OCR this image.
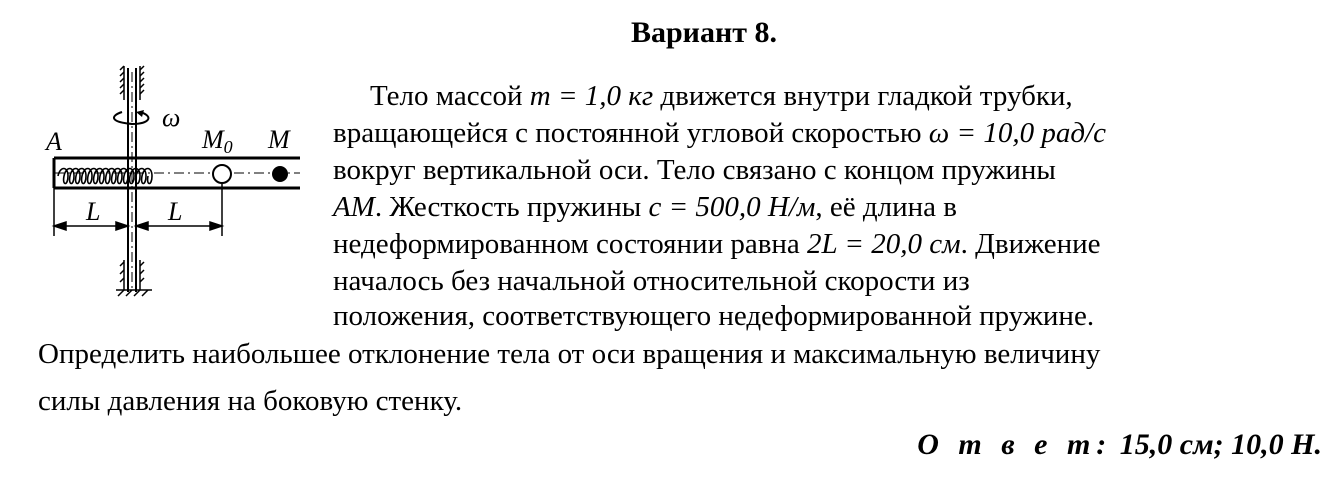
Вариант 8.
ω
A	M0 M
L	L
Тело массой m = 1,0 кг движется внутри гладкой трубки,
вращающейся с постоянной угловой скоростью ω = 10,0 рад/с
вокруг вертикальной оси. Тело связано с концом пружины
AM. Жесткость пружины c = 500,0 Н/м, её длина в
недеформированном состоянии равна 2L = 20,0 см. Движение
началось без начальной относительной скорости из
положения, соответствующего недеформированной пружине.
Определить наибольшее отклонение тела от оси вращения и максимальную величину
силы давления на боковую стенку.
О т в е т: 15,0 см; 10,0 Н.
